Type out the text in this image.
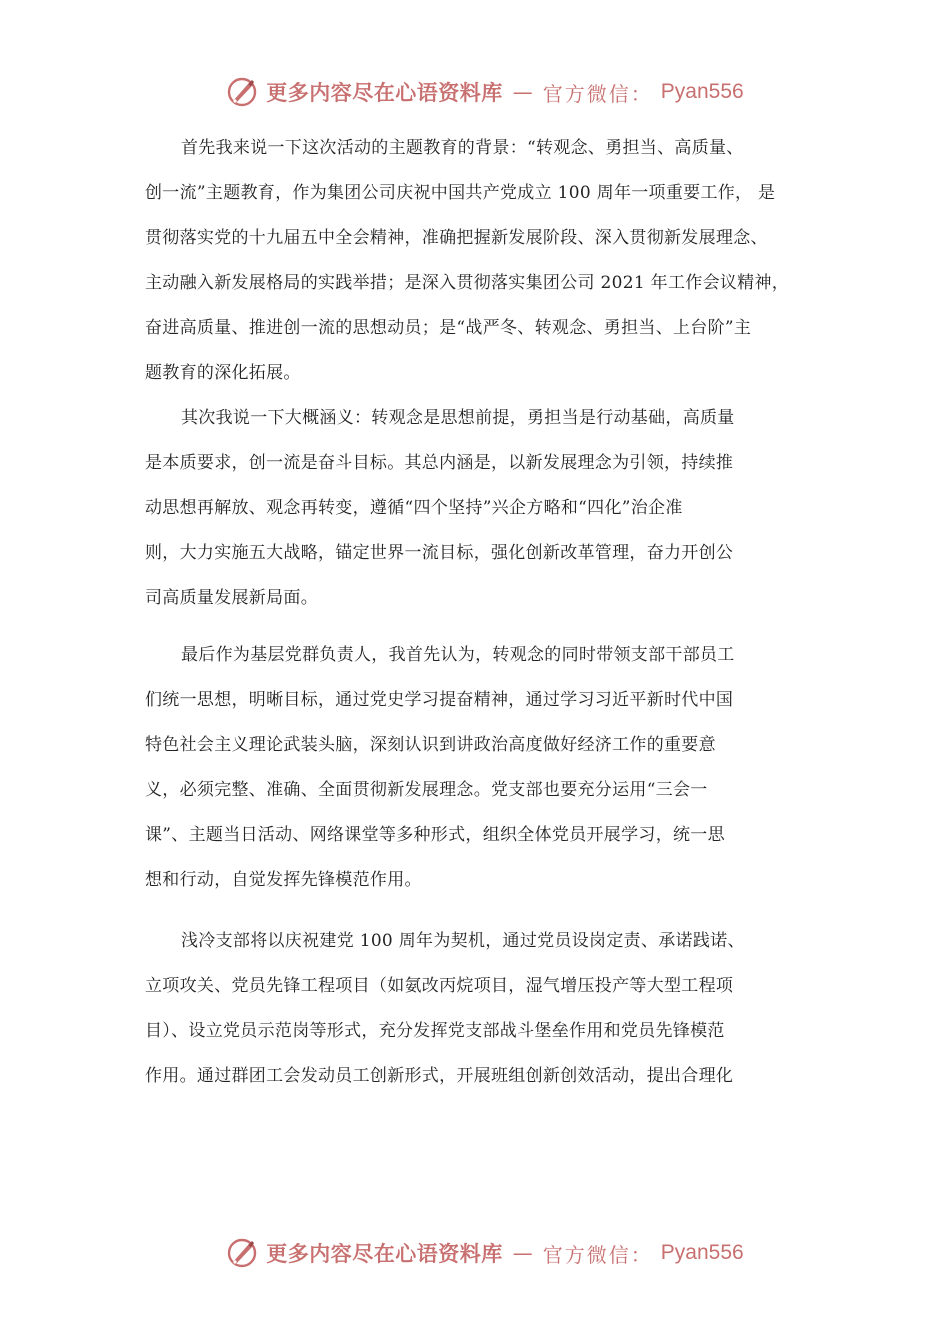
更多内容尽在心语资料库 — 官方微信： Pyan556
首先我来说一下这次活动的主题教育的背景：“转观念、勇担当、高质量、
创一流”主题教育，作为集团公司庆祝中国共产党成立 100 周年一项重要工作， 是
贯彻落实党的十九届五中全会精神，准确把握新发展阶段、深入贯彻新发展理念、
主动融入新发展格局的实践举措；是深入贯彻落实集团公司 2021 年工作会议精神，
奋进高质量、推进创一流的思想动员；是“战严冬、转观念、勇担当、上台阶”主
题教育的深化拓展。
其次我说一下大概涵义：转观念是思想前提，勇担当是行动基础，高质量
是本质要求，创一流是奋斗目标。其总内涵是，以新发展理念为引领，持续推
动思想再解放、观念再转变，遵循“四个坚持”兴企方略和“四化”治企准
则，大力实施五大战略，锚定世界一流目标，强化创新改革管理，奋力开创公
司高质量发展新局面。
最后作为基层党群负责人，我首先认为，转观念的同时带领支部干部员工
们统一思想，明晰目标，通过党史学习提奋精神，通过学习习近平新时代中国
特色社会主义理论武装头脑，深刻认识到讲政治高度做好经济工作的重要意
义，必须完整、准确、全面贯彻新发展理念。党支部也要充分运用“三会一
课”、主题当日活动、网络课堂等多种形式，组织全体党员开展学习，统一思
想和行动，自觉发挥先锋模范作用。
浅冷支部将以庆祝建党 100 周年为契机，通过党员设岗定责、承诺践诺、
立项攻关、党员先锋工程项目（如氨改丙烷项目，湿气增压投产等大型工程项
目）、设立党员示范岗等形式，充分发挥党支部战斗堡垒作用和党员先锋模范
作用。通过群团工会发动员工创新形式，开展班组创新创效活动，提出合理化
更多内容尽在心语资料库 — 官方微信： Pyan556
